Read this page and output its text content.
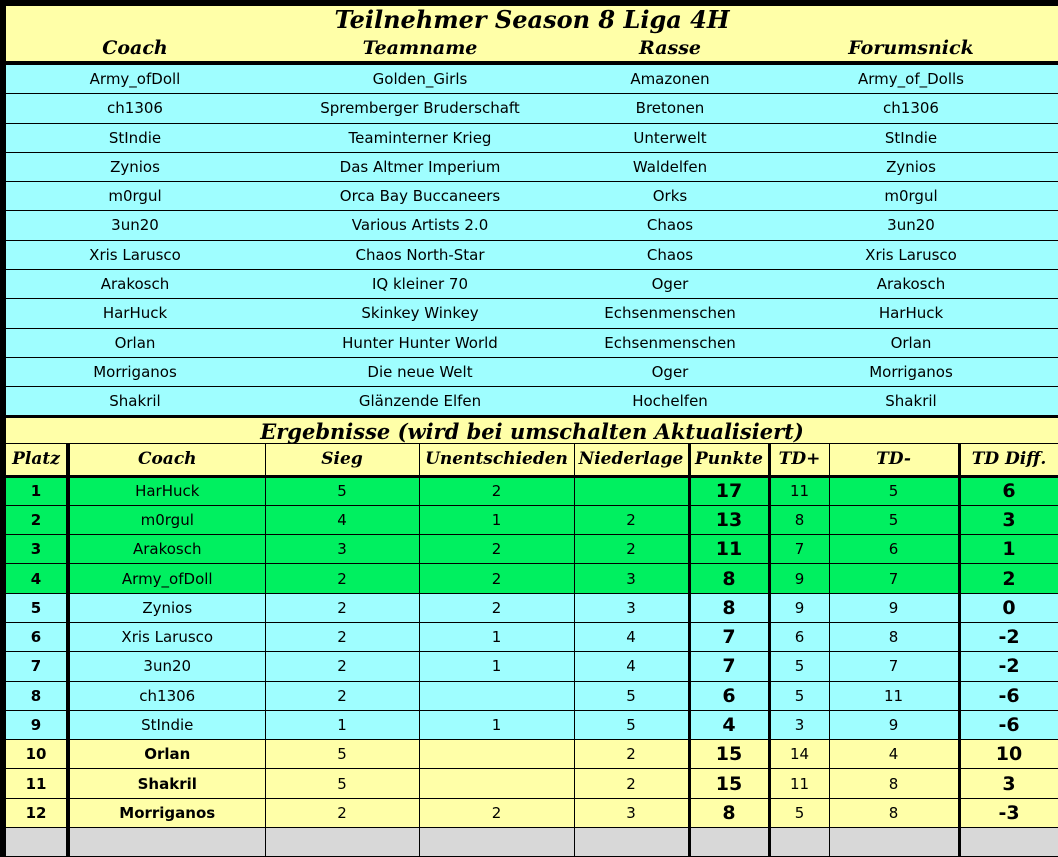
Teilnehmer Season 8 Liga 4H
Coach	Teamname	Rasse	Forumsnick
Army_ofDoll	Golden_Girls	Amazonen	Army_of_Dolls
ch1306	Spremberger Bruderschaft	Bretonen	ch1306
StIndie	Teaminterner Krieg	Unterwelt	StIndie
Zynios	Das Altmer Imperium	Waldelfen	Zynios
m0rgul	Orca Bay Buccaneers	Orks	m0rgul
3un20	Various Artists 2.0	Chaos	3un20
Xris Larusco	Chaos North-Star	Chaos	Xris Larusco
Arakosch	IQ kleiner 70	Oger	Arakosch
HarHuck	Skinkey Winkey	Echsenmenschen	HarHuck
Orlan	Hunter Hunter World	Echsenmenschen	Orlan
Morriganos	Die neue Welt	Oger	Morriganos
Shakril	Glänzende Elfen	Hochelfen	Shakril
Ergebnisse (wird bei umschalten Aktualisiert)
Platz	Coach	Sieg	Unentschieden	Niederlage	Punkte	TD+	TD-	TD Diff.
1	HarHuck	5	2		17	11	5	6
2	m0rgul	4	1	2	13	8	5	3
3	Arakosch	3	2	2	11	7	6	1
4	Army_ofDoll	2	2	3	8	9	7	2
5	Zynios	2	2	3	8	9	9	0
6	Xris Larusco	2	1	4	7	6	8	-2
7	3un20	2	1	4	7	5	7	-2
8	ch1306	2		5	6	5	11	-6
9	StIndie	1	1	5	4	3	9	-6
10	Orlan	5		2	15	14	4	10
11	Shakril	5		2	15	11	8	3
12	Morriganos	2	2	3	8	5	8	-3
